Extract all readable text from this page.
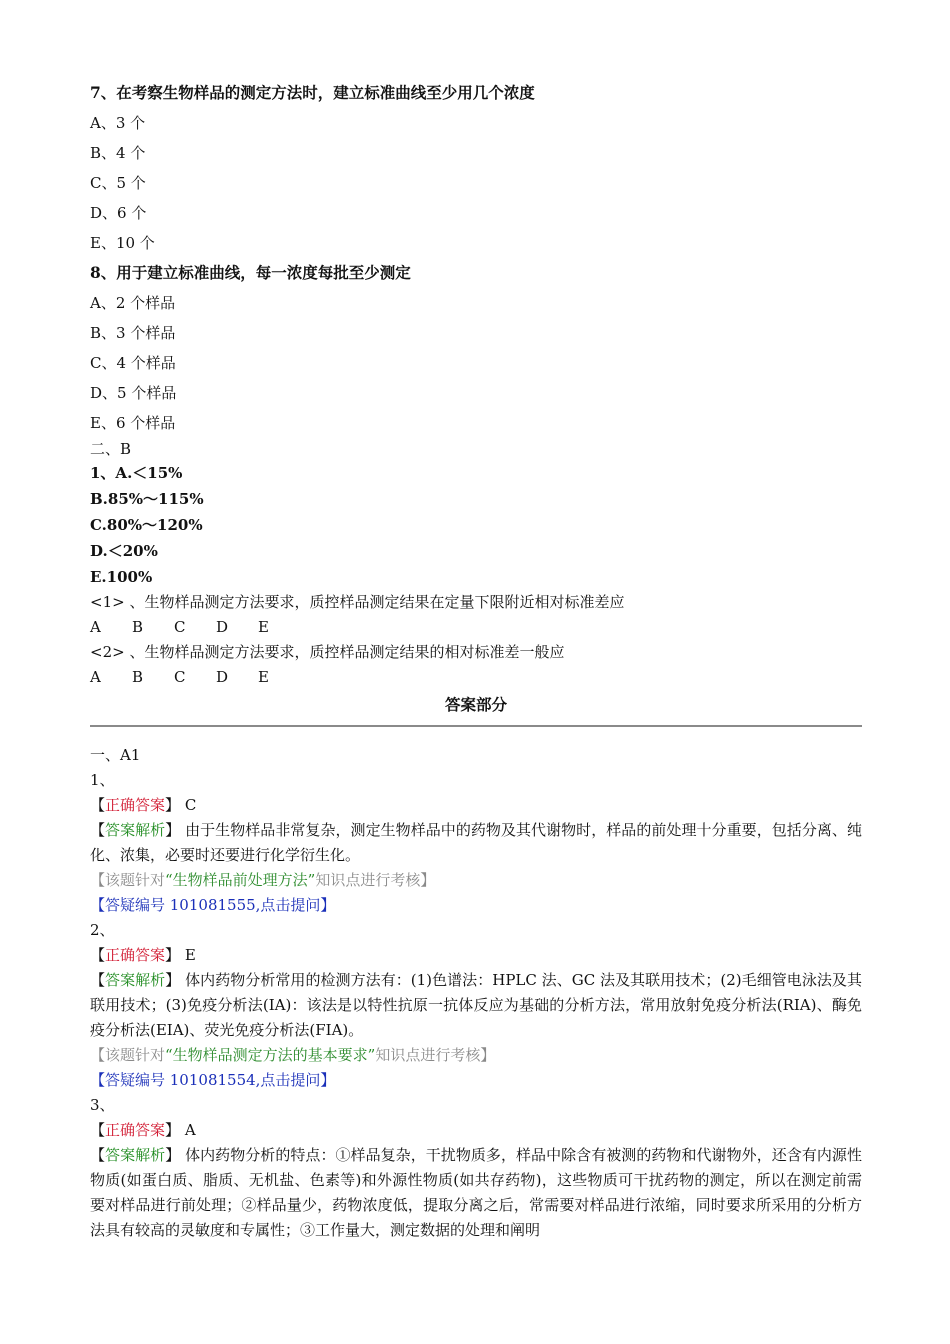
7、在考察生物样品的测定方法时，建立标准曲线至少用几个浓度
A、3 个
B、4 个
C、5 个
D、6 个
E、10 个
8、用于建立标准曲线，每一浓度每批至少测定
A、2 个样品
B、3 个样品
C、4 个样品
D、5 个样品
E、6 个样品
二、B
1、A.＜15%
B.85%～115%
C.80%～120%
D.＜20%
E.100%
<1> 、生物样品测定方法要求，质控样品测定结果在定量下限附近相对标准差应
A B C D E
<2> 、生物样品测定方法要求，质控样品测定结果的相对标准差一般应
A B C D E
答案部分
一、A1
1、
【正确答案】 C
【答案解析】 由于生物样品非常复杂，测定生物样品中的药物及其代谢物时，样品的前处理十分重要，包括分离、纯化、浓集，必要时还要进行化学衍生化。
【该题针对“生物样品前处理方法”知识点进行考核】
【答疑编号 101081555,点击提问】
2、
【正确答案】 E
【答案解析】 体内药物分析常用的检测方法有：(1)色谱法：HPLC 法、GC 法及其联用技术；(2)毛细管电泳法及其联用技术；(3)免疫分析法(IA)：该法是以特性抗原一抗体反应为基础的分析方法，常用放射免疫分析法(RIA)、酶免疫分析法(EIA)、荧光免疫分析法(FIA)。
【该题针对“生物样品测定方法的基本要求”知识点进行考核】
【答疑编号 101081554,点击提问】
3、
【正确答案】 A
【答案解析】 体内药物分析的特点：①样品复杂，干扰物质多，样品中除含有被测的药物和代谢物外，还含有内源性物质(如蛋白质、脂质、无机盐、色素等)和外源性物质(如共存药物)，这些物质可干扰药物的测定，所以在测定前需要对样品进行前处理；②样品量少，药物浓度低，提取分离之后，常需要对样品进行浓缩，同时要求所采用的分析方法具有较高的灵敏度和专属性；③工作量大，测定数据的处理和阐明
